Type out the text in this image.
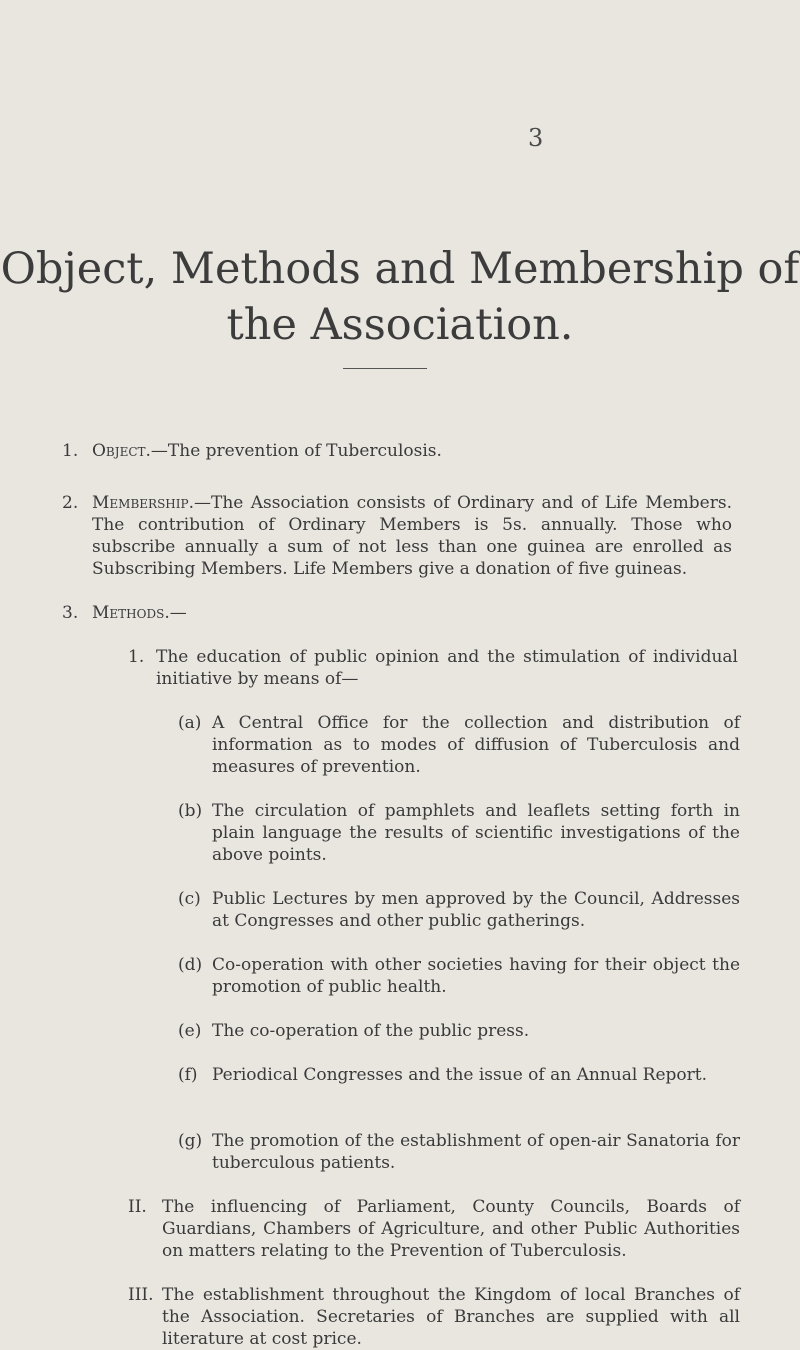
3
Object, Methods and Membership of
the Association.
1. Object.—The prevention of Tuberculosis.
2. Membership.—The Association consists of Ordinary and of Life Members. The contribution of Ordinary Members is 5s. annually. Those who subscribe annually a sum of not less than one guinea are enrolled as Subscribing Members. Life Members give a donation of five guineas.
3. Methods.—
1. The education of public opinion and the stimulation of individual initiative by means of—
(a) A Central Office for the collection and distribution of information as to modes of diffusion of Tuberculosis and measures of prevention.
(b) The circulation of pamphlets and leaflets setting forth in plain language the results of scientific investigations of the above points.
(c) Public Lectures by men approved by the Council, Addresses at Congresses and other public gatherings.
(d) Co-operation with other societies having for their object the promotion of public health.
(e) The co-operation of the public press.
(f) Periodical Congresses and the issue of an Annual Report.
(g) The promotion of the establishment of open-air Sanatoria for tuberculous patients.
II. The influencing of Parliament, County Councils, Boards of Guardians, Chambers of Agriculture, and other Public Authorities on matters relating to the Prevention of Tuberculosis.
III. The establishment throughout the Kingdom of local Branches of the Association. Secretaries of Branches are supplied with all literature at cost price.
